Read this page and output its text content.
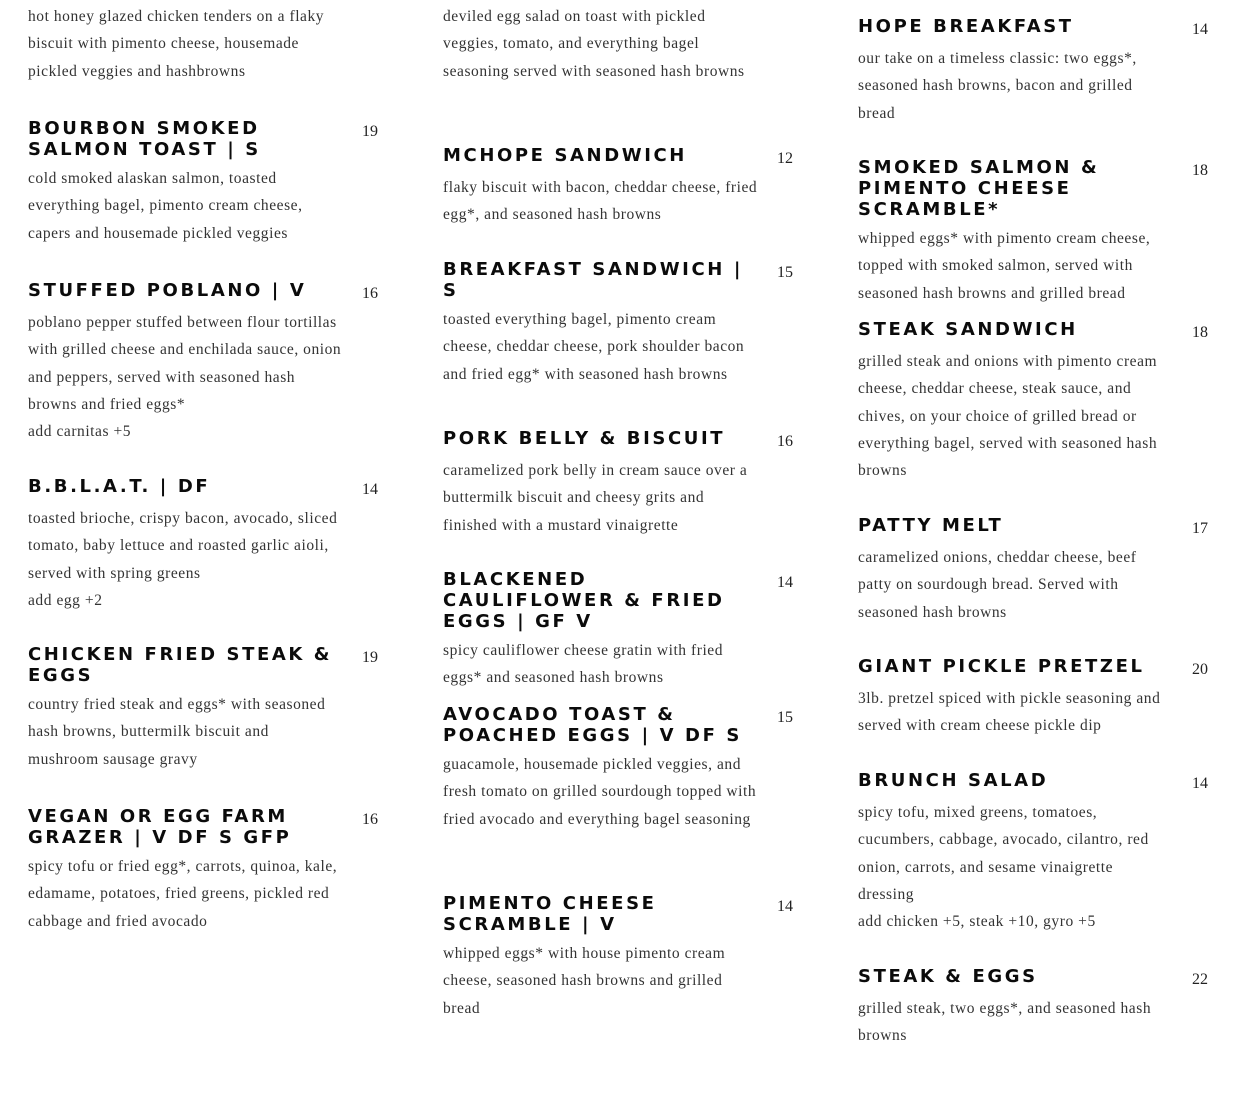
hot honey glazed chicken tenders on a flaky biscuit with pimento cheese, housemade pickled veggies and hashbrowns
BOURBON SMOKED SALMON TOAST | S
19
cold smoked alaskan salmon, toasted everything bagel, pimento cream cheese, capers and housemade pickled veggies
STUFFED POBLANO | V	16
poblano pepper stuffed between flour tortillas with grilled cheese and enchilada sauce, onion and peppers, served with seasoned hash browns and fried eggs*
add carnitas +5
B.B.L.A.T. | DF	14
toasted brioche, crispy bacon, avocado, sliced tomato, baby lettuce and roasted garlic aioli, served with spring greens
add egg +2
CHICKEN FRIED STEAK & EGGS
19
country fried steak and eggs* with seasoned hash browns, buttermilk biscuit and mushroom sausage gravy
VEGAN OR EGG FARM GRAZER | V DF S GFP
16
spicy tofu or fried egg*, carrots, quinoa, kale, edamame, potatoes, fried greens, pickled red cabbage and fried avocado
deviled egg salad on toast with pickled veggies, tomato, and everything bagel seasoning served with seasoned hash browns
MCHOPE SANDWICH	12
flaky biscuit with bacon, cheddar cheese, fried egg*, and seasoned hash browns
BREAKFAST SANDWICH | S
15
toasted everything bagel, pimento cream cheese, cheddar cheese, pork shoulder bacon and fried egg* with seasoned hash browns
PORK BELLY & BISCUIT	16
caramelized pork belly in cream sauce over a buttermilk biscuit and cheesy grits and finished with a mustard vinaigrette
BLACKENED CAULIFLOWER & FRIED EGGS | GF V
14
spicy cauliflower cheese gratin with fried eggs* and seasoned hash browns
AVOCADO TOAST & POACHED EGGS | V DF S
15
guacamole, housemade pickled veggies, and fresh tomato on grilled sourdough topped with fried avocado and everything bagel seasoning
PIMENTO CHEESE SCRAMBLE | V
14
whipped eggs* with house pimento cream cheese, seasoned hash browns and grilled bread
HOPE BREAKFAST	14
our take on a timeless classic: two eggs*, seasoned hash browns, bacon and grilled bread
SMOKED SALMON & PIMENTO CHEESE SCRAMBLE*
18
whipped eggs* with pimento cream cheese, topped with smoked salmon, served with seasoned hash browns and grilled bread
STEAK SANDWICH	18
grilled steak and onions with pimento cream cheese, cheddar cheese, steak sauce, and chives, on your choice of grilled bread or everything bagel, served with seasoned hash browns
PATTY MELT	17
caramelized onions, cheddar cheese, beef patty on sourdough bread. Served with seasoned hash browns
GIANT PICKLE PRETZEL	20
3lb. pretzel spiced with pickle seasoning and served with cream cheese pickle dip
BRUNCH SALAD	14
spicy tofu, mixed greens, tomatoes, cucumbers, cabbage, avocado, cilantro, red onion, carrots, and sesame vinaigrette dressing
add chicken +5, steak +10, gyro +5
STEAK & EGGS	22
grilled steak, two eggs*, and seasoned hash browns
